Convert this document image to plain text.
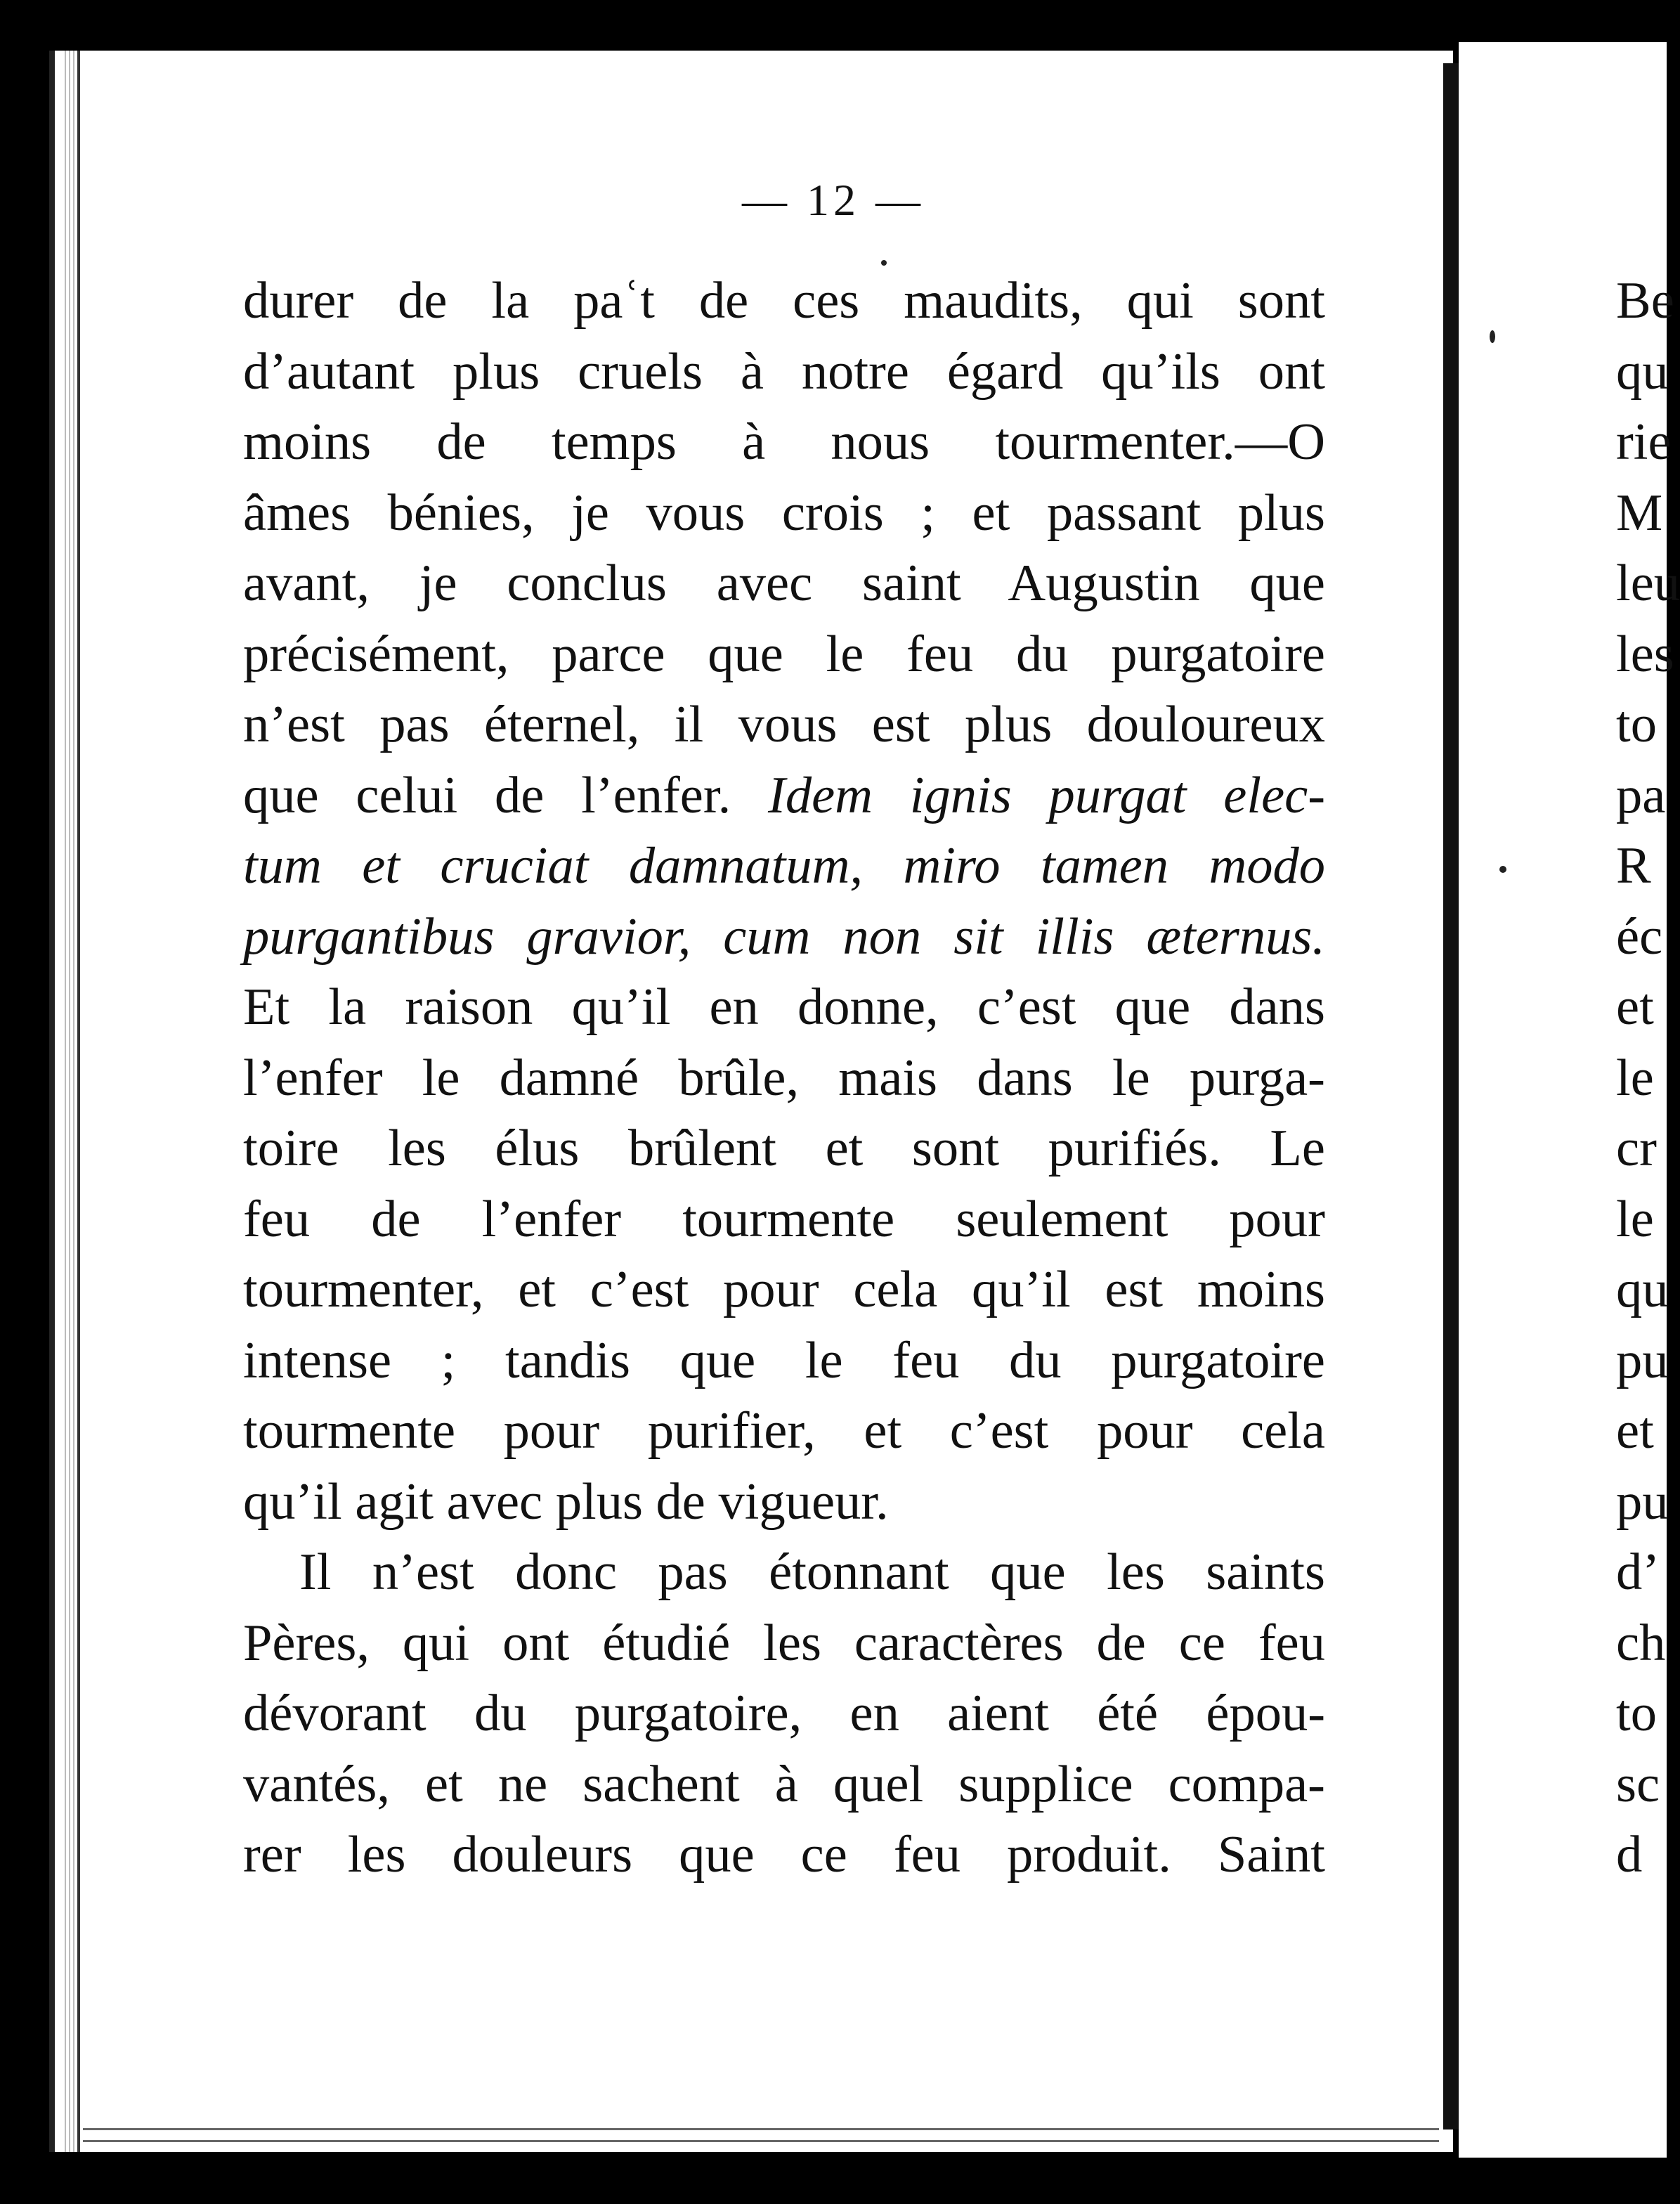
— 12 —
durer de la paʿt de ces maudits, qui sont
d’autant plus cruels à notre égard qu’ils ont
moins de temps à nous tourmenter.—O
âmes bénies, je vous crois ; et passant plus
avant, je conclus avec saint Augustin que
précisément, parce que le feu du purgatoire
n’est pas éternel, il vous est plus douloureux
que celui de l’enfer. Idem ignis purgat elec-
tum et cruciat damnatum, miro tamen modo
purgantibus gravior, cum non sit illis æternus.
Et la raison qu’il en donne, c’est que dans
l’enfer le damné brûle, mais dans le purga-
toire les élus brûlent et sont purifiés. Le
feu de l’enfer tourmente seulement pour
tourmenter, et c’est pour cela qu’il est moins
intense ; tandis que le feu du purgatoire
tourmente pour purifier, et c’est pour cela
qu’il agit avec plus de vigueur.
Il n’est donc pas étonnant que les saints
Pères, qui ont étudié les caractères de ce feu
dévorant du purgatoire, en aient été épou-
vantés, et ne sachent à quel supplice compa-
rer les douleurs que ce feu produit. Saint
Be
qu
rie
M
leu
les
to
pa
R
éc
et
le
cr
le
qu
pu
et
pu
d’
ch
to
sc
d
